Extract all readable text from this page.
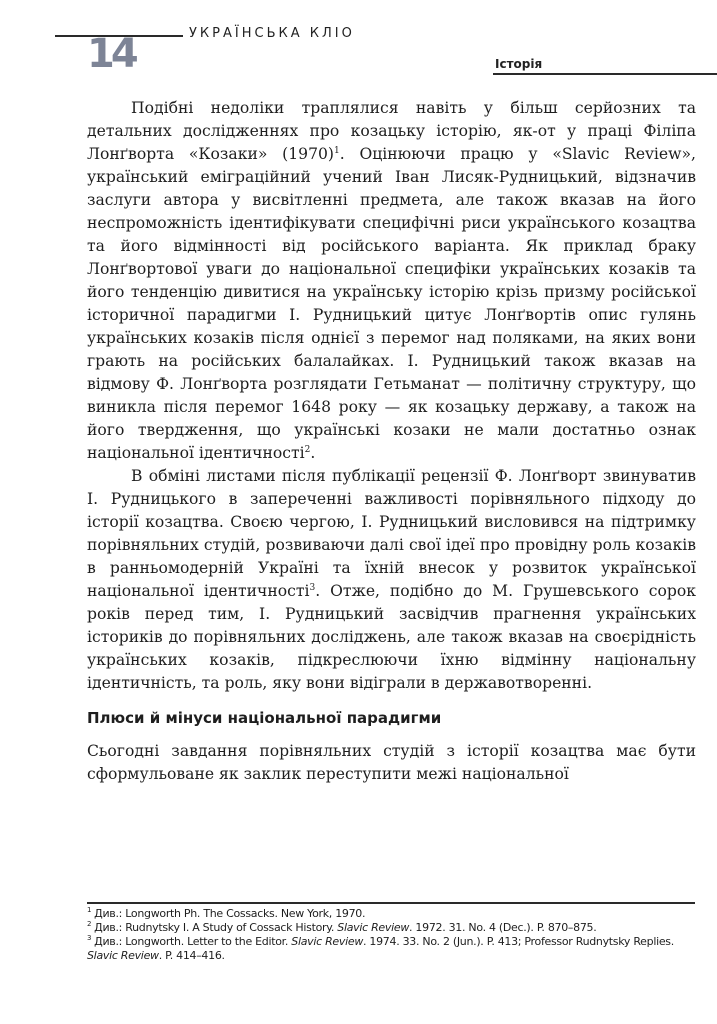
14	УКРАЇНСЬКА КЛІО
Історія

Подібні недоліки траплялися навіть у більш серйозних та детальних дослідженнях про козацьку історію, як-от у праці Філіпа Лонґворта «Козаки» $(1970)^1$. Оцінюючи працю у «Slavic Review», український еміграційний учений Іван Лисяк-Рудницький, відзначив заслуги автора у висвітленні предмета, але також вказав на його неспроможність ідентифікувати специфічні риси українського козацтва та його відмінності від російського варіанта. Як приклад браку Лонґвортової уваги до національної специфіки українських козаків та його тенденцію дивитися на українську історію крізь призму російської історичної парадигми І. Рудницький цитує Лонґвортів опис гулянь українських козаків після однієї з перемог над поляками, на яких вони грають на російських балалайках. І. Рудницький також вказав на відмову Ф. Лонґворта розглядати Гетьманат — політичну структуру, що виникла після перемог 1648 року — як козацьку державу, а також на його твердження, що українські козаки не мали достатньо ознак національної ідентичності$^2$.

В обміні листами після публікації рецензії Ф. Лонґворт звинуватив І. Рудницького в запереченні важливості порівняльного підходу до історії козацтва. Своєю чергою, І. Рудницький висловився на підтримку порівняльних студій, розвиваючи далі свої ідеї про провідну роль козаків в ранньомодерній Україні та їхній внесок у розвиток української національної ідентичності$^3$. Отже, подібно до М. Грушевського сорок років перед тим, І. Рудницький засвідчив прагнення українських істориків до порівняльних досліджень, але також вказав на своєрідність українських козаків, підкреслюючи їхню відмінну національну ідентичність, та роль, яку вони відіграли в державотворенні.

Плюси й мінуси національної парадигми

Сьогодні завдання порівняльних студій з історії козацтва має бути сформульоване як заклик переступити межі національної

$^1$ Див.: Longworth Ph. The Cossacks. New York, 1970.
$^2$ Див.: Rudnytsky I. A Study of Cossack History. Slavic Review. 1972. 31. No. 4 (Dec.). P. 870–875.
$^3$ Див.: Longworth. Letter to the Editor. Slavic Review. 1974. 33. No. 2 (Jun.). P. 413; Professor Rudnytsky Replies. Slavic Review. P. 414–416.
